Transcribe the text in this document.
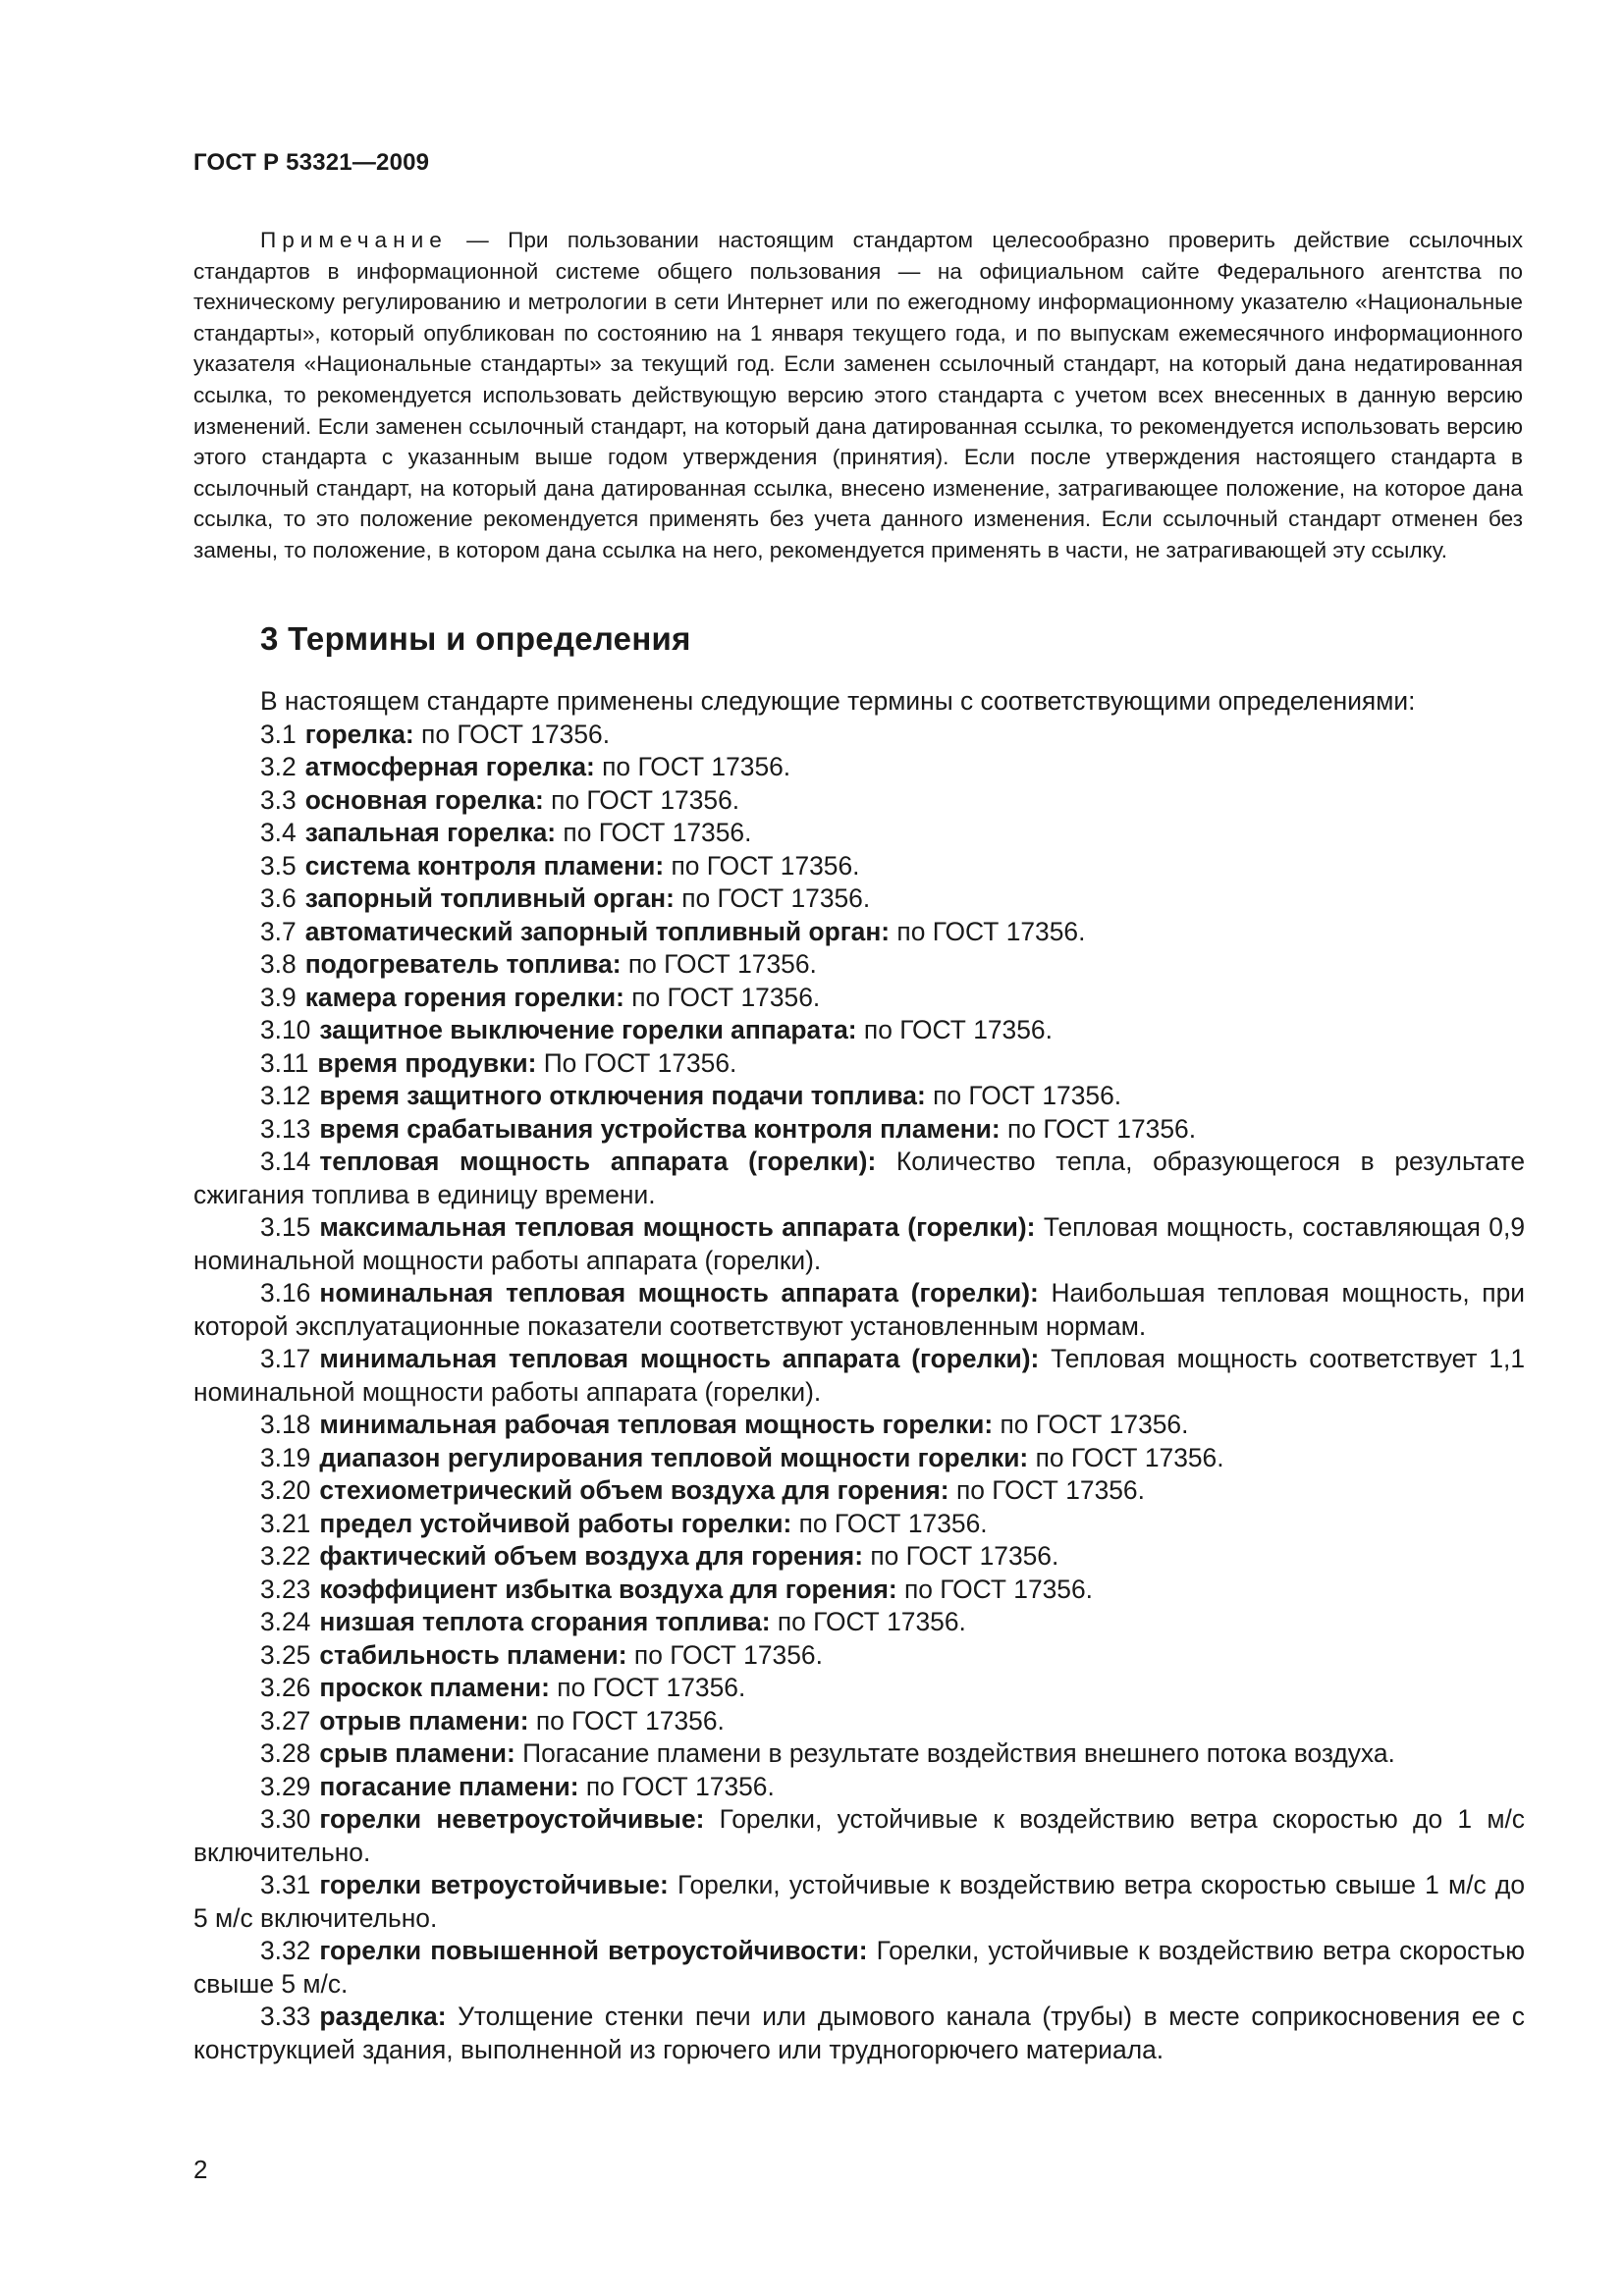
ГОСТ Р 53321—2009

Примечание — При пользовании настоящим стандартом целесообразно проверить действие ссылочных стандартов в информационной системе общего пользования — на официальном сайте Федерального агентства по техническому регулированию и метрологии в сети Интернет или по ежегодному информационному указателю «Национальные стандарты», который опубликован по состоянию на 1 января текущего года, и по выпускам ежемесячного информационного указателя «Национальные стандарты» за текущий год. Если заменен ссылочный стандарт, на который дана недатированная ссылка, то рекомендуется использовать действующую версию этого стандарта с учетом всех внесенных в данную версию изменений. Если заменен ссылочный стандарт, на который дана датированная ссылка, то рекомендуется использовать версию этого стандарта с указанным выше годом утверждения (принятия). Если после утверждения настоящего стандарта в ссылочный стандарт, на который дана датированная ссылка, внесено изменение, затрагивающее положение, на которое дана ссылка, то это положение рекомендуется применять без учета данного изменения. Если ссылочный стандарт отменен без замены, то положение, в котором дана ссылка на него, рекомендуется применять в части, не затрагивающей эту ссылку.

3 Термины и определения

В настоящем стандарте применены следующие термины с соответствующими определениями:

3.1 горелка: по ГОСТ 17356.

3.2 атмосферная горелка: по ГОСТ 17356.

3.3 основная горелка: по ГОСТ 17356.

3.4 запальная горелка: по ГОСТ 17356.

3.5 система контроля пламени: по ГОСТ 17356.

3.6 запорный топливный орган: по ГОСТ 17356.

3.7 автоматический запорный топливный орган: по ГОСТ 17356.

3.8 подогреватель топлива: по ГОСТ 17356.

3.9 камера горения горелки: по ГОСТ 17356.

3.10 защитное выключение горелки аппарата: по ГОСТ 17356.

3.11 время продувки: По ГОСТ 17356.

3.12 время защитного отключения подачи топлива: по ГОСТ 17356.

3.13 время срабатывания устройства контроля пламени: по ГОСТ 17356.

3.14 тепловая мощность аппарата (горелки): Количество тепла, образующегося в результате сжигания топлива в единицу времени.

3.15 максимальная тепловая мощность аппарата (горелки): Тепловая мощность, составляющая 0,9 номинальной мощности работы аппарата (горелки).

3.16 номинальная тепловая мощность аппарата (горелки): Наибольшая тепловая мощность, при которой эксплуатационные показатели соответствуют установленным нормам.

3.17 минимальная тепловая мощность аппарата (горелки): Тепловая мощность соответствует 1,1 номинальной мощности работы аппарата (горелки).

3.18 минимальная рабочая тепловая мощность горелки: по ГОСТ 17356.

3.19 диапазон регулирования тепловой мощности горелки: по ГОСТ 17356.

3.20 стехиометрический объем воздуха для горения: по ГОСТ 17356.

3.21 предел устойчивой работы горелки: по ГОСТ 17356.

3.22 фактический объем воздуха для горения: по ГОСТ 17356.

3.23 коэффициент избытка воздуха для горения: по ГОСТ 17356.

3.24 низшая теплота сгорания топлива: по ГОСТ 17356.

3.25 стабильность пламени: по ГОСТ 17356.

3.26 проскок пламени: по ГОСТ 17356.

3.27 отрыв пламени: по ГОСТ 17356.

3.28 срыв пламени: Погасание пламени в результате воздействия внешнего потока воздуха.

3.29 погасание пламени: по ГОСТ 17356.

3.30 горелки неветроустойчивые: Горелки, устойчивые к воздействию ветра скоростью до 1 м/с включительно.

3.31 горелки ветроустойчивые: Горелки, устойчивые к воздействию ветра скоростью свыше 1 м/с до 5 м/с включительно.

3.32 горелки повышенной ветроустойчивости: Горелки, устойчивые к воздействию ветра скоростью свыше 5 м/с.

3.33 разделка: Утолщение стенки печи или дымового канала (трубы) в месте соприкосновения ее с конструкцией здания, выполненной из горючего или трудногорючего материала.

2
